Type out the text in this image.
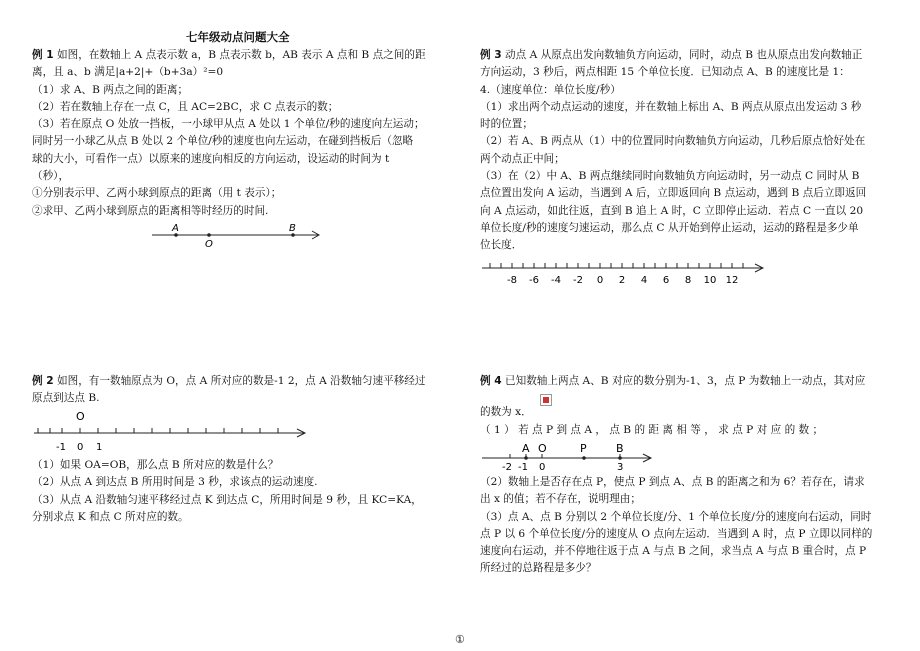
七年级动点问题大全

例 1 如图，在数轴上 A 点表示数 a，B 点表示数 b，AB 表示 A 点和 B 点之间的距

离，且 a、b 满足|a+2|+（b+3a）²=0

（1）求 A、B 两点之间的距离；

（2）若在数轴上存在一点 C，且 AC=2BC，求 C 点表示的数；

（3）若在原点 O 处放一挡板，一小球甲从点 A 处以 1 个单位/秒的速度向左运动；

同时另一小球乙从点 B 处以 2 个单位/秒的速度也向左运动，在碰到挡板后（忽略

球的大小，可看作一点）以原来的速度向相反的方向运动，设运动的时间为 t

（秒），

①分别表示甲、乙两小球到原点的距离（用 t 表示）；

②求甲、乙两小球到原点的距离相等时经历的时间.

A
O
B

例 2 如图，有一数轴原点为 O，点 A 所对应的数是-1 2，点 A 沿数轴匀速平移经过

原点到达点 B.

O
-1 0 1

（1）如果 OA=OB，那么点 B 所对应的数是什么？

（2）从点 A 到达点 B 所用时间是 3 秒，求该点的运动速度.

（3）从点 A 沿数轴匀速平移经过点 K 到达点 C，所用时间是 9 秒，且 KC=KA，

分别求点 K 和点 C 所对应的数。

例 3 动点 A 从原点出发向数轴负方向运动，同时，动点 B 也从原点出发向数轴正

方向运动，3 秒后，两点相距 15 个单位长度．已知动点 A、B 的速度比是 1：

4.（速度单位：单位长度/秒）

（1）求出两个动点运动的速度，并在数轴上标出 A、B 两点从原点出发运动 3 秒

时的位置；

（2）若 A、B 两点从（1）中的位置同时向数轴负方向运动，几秒后原点恰好处在

两个动点正中间；

（3）在（2）中 A、B 两点继续同时向数轴负方向运动时，另一动点 C 同时从 B

点位置出发向 A 运动，当遇到 A 后，立即返回向 B 点运动，遇到 B 点后立即返回

向 A 点运动，如此往返，直到 B 追上 A 时，C 立即停止运动．若点 C 一直以 20

单位长度/秒的速度匀速运动，那么点 C 从开始到停止运动，运动的路程是多少单

位长度．

-8 -6 -4 -2 0 2 4 6 8 10 12

例 4 已知数轴上两点 A、B 对应的数分别为-1、3，点 P 为数轴上一动点，其对应

的数为 x．

（ 1 ） 若 点 P 到 点 A ， 点 B 的 距 离 相 等 ， 求 点 P 对 应 的 数 ；

A O	P	B
-2 -1 0	3

（2）数轴上是否存在点 P，使点 P 到点 A、点 B 的距离之和为 6？若存在，请求

出 x 的值；若不存在，说明理由；

（3）点 A、点 B 分别以 2 个单位长度/分、1 个单位长度/分的速度向右运动，同时

点 P 以 6 个单位长度/分的速度从 O 点向左运动．当遇到 A 时，点 P 立即以同样的

速度向右运动，并不停地往返于点 A 与点 B 之间，求当点 A 与点 B 重合时，点 P

所经过的总路程是多少？

①
